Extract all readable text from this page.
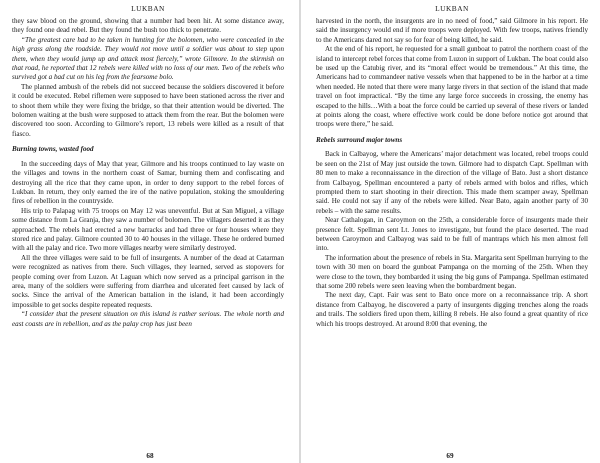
LUKBAN

they saw blood on the ground, showing that a number had been hit. At some distance away, they found one dead rebel. But they found the bush too thick to penetrate.

“The greatest care had to be taken in hunting for the bolomen, who were concealed in the high grass along the roadside. They would not move until a soldier was about to step upon them, when they would jump up and attack most fiercely,” wrote Gilmore. In the skirmish on that road, he reported that 12 rebels were killed with no loss of our men. Two of the rebels who survived got a bad cut on his leg from the fearsome bolo.

The planned ambush of the rebels did not succeed because the soldiers discovered it before it could be executed. Rebel riflemen were supposed to have been stationed across the river and to shoot them while they were fixing the bridge, so that their attention would be diverted. The bolomen waiting at the bush were supposed to attack them from the rear. But the bolomen were discovered too soon. According to Gilmore’s report, 13 rebels were killed as a result of that fiasco.

Burning towns, wasted food

In the succeeding days of May that year, Gilmore and his troops continued to lay waste on the villages and towns in the northern coast of Samar, burning them and confiscating and destroying all the rice that they came upon, in order to deny support to the rebel forces of Lukban. In return, they only earned the ire of the native population, stoking the smouldering fires of rebellion in the countryside.

His trip to Palapag with 75 troops on May 12 was uneventful. But at San Miguel, a village some distance from La Granja, they saw a number of bolomen. The villagers deserted it as they approached. The rebels had erected a new barracks and had three or four houses where they stored rice and palay. Gilmore counted 30 to 40 houses in the village. These he ordered burned with all the palay and rice. Two more villages nearby were similarly destroyed.

All the three villages were said to be full of insurgents. A number of the dead at Catarman were recognized as natives from there. Such villages, they learned, served as stopovers for people coming over from Luzon. At Laguan which now served as a principal garrison in the area, many of the soldiers were suffering from diarrhea and ulcerated feet caused by lack of socks. Since the arrival of the American battalion in the island, it had been accordingly impossible to get socks despite repeated requests.

“I consider that the present situation on this island is rather serious. The whole north and east coasts are in rebellion, and as the palay crop has just been

68
LUKBAN

harvested in the north, the insurgents are in no need of food,” said Gilmore in his report. He said the insurgency would end if more troops were deployed. With few troops, natives friendly to the Americans dared not say so for fear of being killed, he said.

At the end of his report, he requested for a small gunboat to patrol the northern coast of the island to intercept rebel forces that come from Luzon in support of Lukban. The boat could also be used up the Catubig river, and its “moral effect would be tremendous.” At this time, the Americans had to commandeer native vessels when that happened to be in the harbor at a time when needed. He noted that there were many large rivers in that section of the island that made travel on foot impractical. “By the time any large force succeeds in crossing, the enemy has escaped to the hills…With a boat the force could be carried up several of these rivers or landed at points along the coast, where effective work could be done before notice got around that troops were there,” he said.

Rebels surround major towns

Back in Calbayog, where the Americans’ major detachment was located, rebel troops could be seen on the 21st of May just outside the town. Gilmore had to dispatch Capt. Spellman with 80 men to make a reconnaissance in the direction of the village of Bato. Just a short distance from Calbayog, Spellman encountered a party of rebels armed with bolos and rifles, which prompted them to start shooting in their direction. This made them scamper away, Spellman said. He could not say if any of the rebels were killed. Near Bato, again another party of 30 rebels – with the same results.

Near Cathalogan, in Caroymon on the 25th, a considerable force of insurgents made their presence felt. Spellman sent Lt. Jones to investigate, but found the place deserted. The road between Caroymon and Calbayog was said to be full of mantraps which his men almost fell into.

The information about the presence of rebels in Sta. Margarita sent Spellman hurrying to the town with 30 men on board the gunboat Pampanga on the morning of the 25th. When they were close to the town, they bombarded it using the big guns of Pampanga. Spellman estimated that some 200 rebels were seen leaving when the bombardment began.

The next day, Capt. Fair was sent to Bato once more on a reconnaissance trip. A short distance from Calbayog, he discovered a party of insurgents digging trenches along the roads and trails. The soldiers fired upon them, killing 8 rebels. He also found a great quantity of rice which his troops destroyed. At around 8:00 that evening, the

69
